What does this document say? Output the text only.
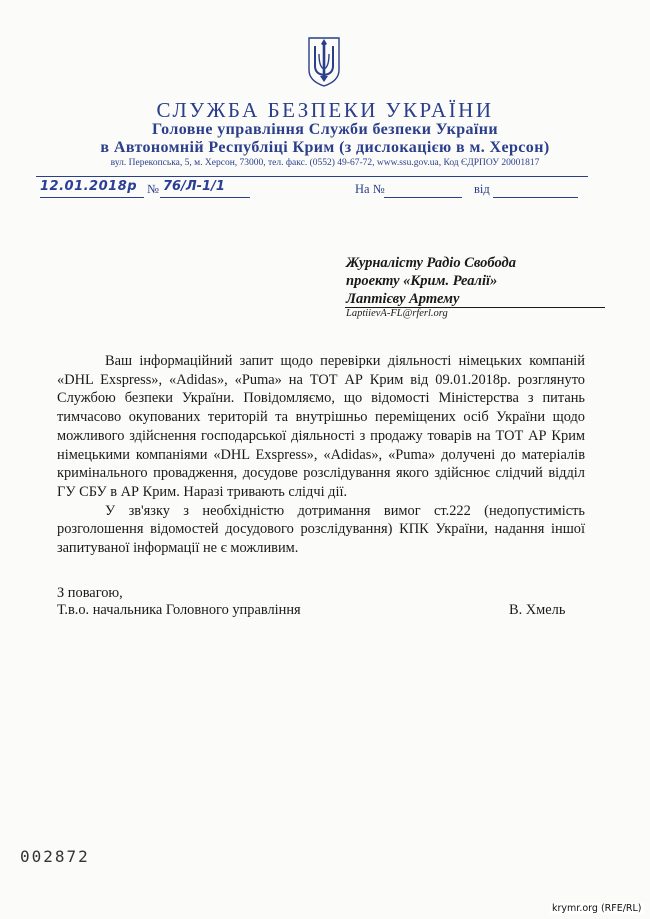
СЛУЖБА БЕЗПЕКИ УКРАЇНИ
Головне управління Служби безпеки України
в Автономній Республіці Крим (з дислокацією в м. Херсон)
вул. Перекопська, 5, м. Херсон, 73000, тел. факс. (0552) 49-67-72, www.ssu.gov.ua, Код ЄДРПОУ 20001817
12.01.2018р № 76/Л-1/1	На №	від
Журналісту Радіо Свобода
проекту «Крим. Реалії»
Лаптієву Артему
LaptiievA-FL@rferl.org

Ваш інформаційний запит щодо перевірки діяльності німецьких компаній «DHL Exspress», «Adidas», «Puma» на ТОТ АР Крим від 09.01.2018р. розглянуто Службою безпеки України. Повідомляємо, що відомості Міністерства з питань тимчасово окупованих територій та внутрішньо переміщених осіб України щодо можливого здійснення господарської діяльності з продажу товарів на ТОТ АР Крим німецькими компаніями «DHL Exspress», «Adidas», «Puma» долучені до матеріалів кримінального провадження, досудове розслідування якого здійснює слідчий відділ ГУ СБУ в АР Крим. Наразі тривають слідчі дії.

У зв'язку з необхідністю дотримання вимог ст.222 (недопустимість розголошення відомостей досудового розслідування) КПК України, надання іншої запитуваної інформації не є можливим.

З повагою,
Т.в.о. начальника Головного управління	В. Хмель
002872
krymr.org (RFE/RL)
